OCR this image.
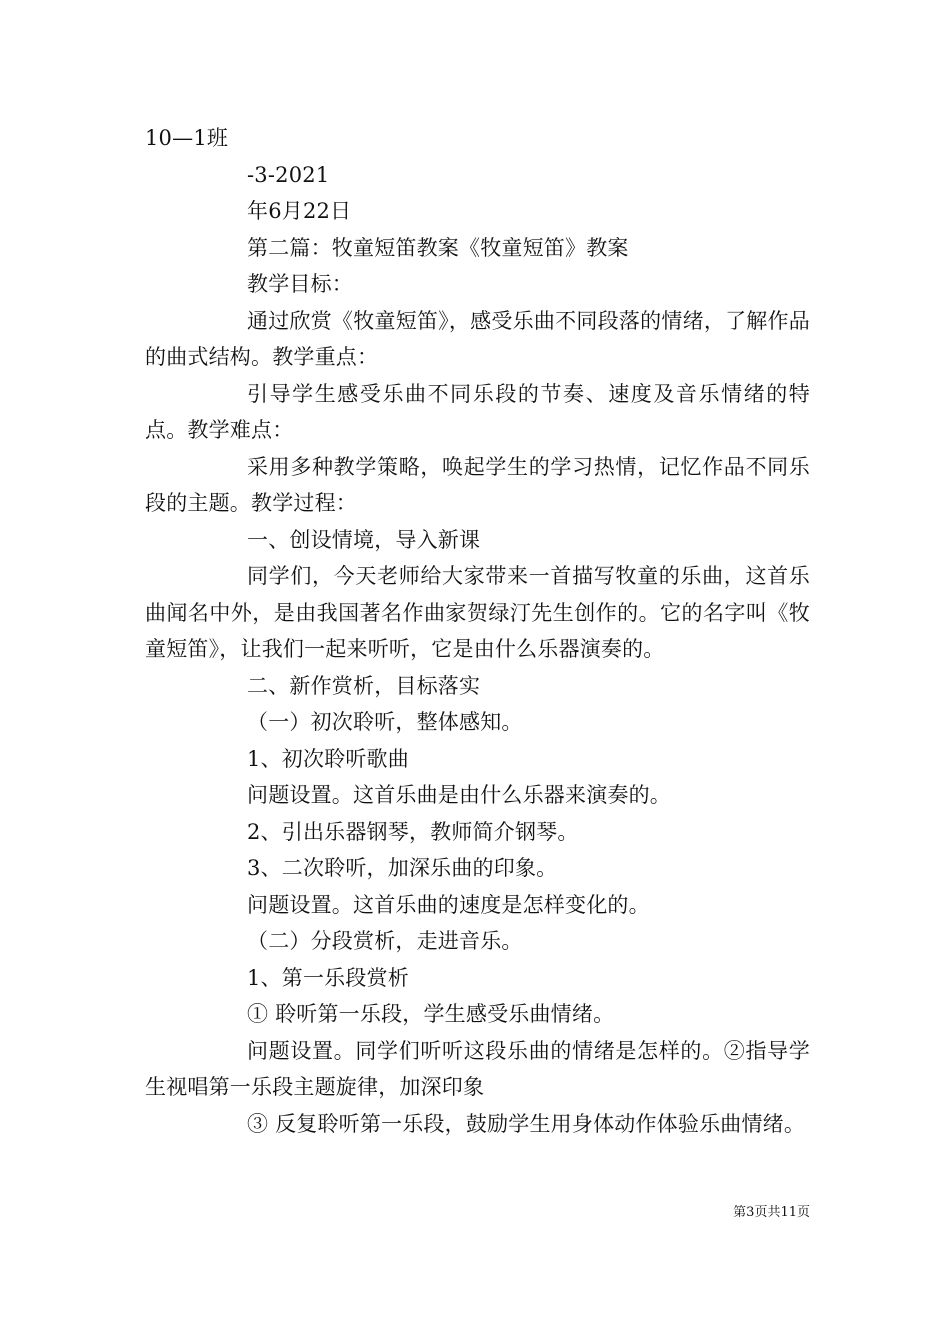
10—1班
-3-2021
年6月22日
第二篇：牧童短笛教案《牧童短笛》教案
教学目标：
通过欣赏《牧童短笛》，感受乐曲不同段落的情绪，了解作品的曲式结构。教学重点：
引导学生感受乐曲不同乐段的节奏、速度及音乐情绪的特点。教学难点：
采用多种教学策略，唤起学生的学习热情，记忆作品不同乐段的主题。教学过程：
一、创设情境，导入新课
同学们，今天老师给大家带来一首描写牧童的乐曲，这首乐曲闻名中外，是由我国著名作曲家贺绿汀先生创作的。它的名字叫《牧童短笛》，让我们一起来听听，它是由什么乐器演奏的。
二、新作赏析，目标落实
（一）初次聆听，整体感知。
1、初次聆听歌曲
问题设置。这首乐曲是由什么乐器来演奏的。
2、引出乐器钢琴，教师简介钢琴。
3、二次聆听，加深乐曲的印象。
问题设置。这首乐曲的速度是怎样变化的。
（二）分段赏析，走进音乐。
1、第一乐段赏析
① 聆听第一乐段，学生感受乐曲情绪。
问题设置。同学们听听这段乐曲的情绪是怎样的。②指导学生视唱第一乐段主题旋律，加深印象
③ 反复聆听第一乐段，鼓励学生用身体动作体验乐曲情绪。
第3页共11页
